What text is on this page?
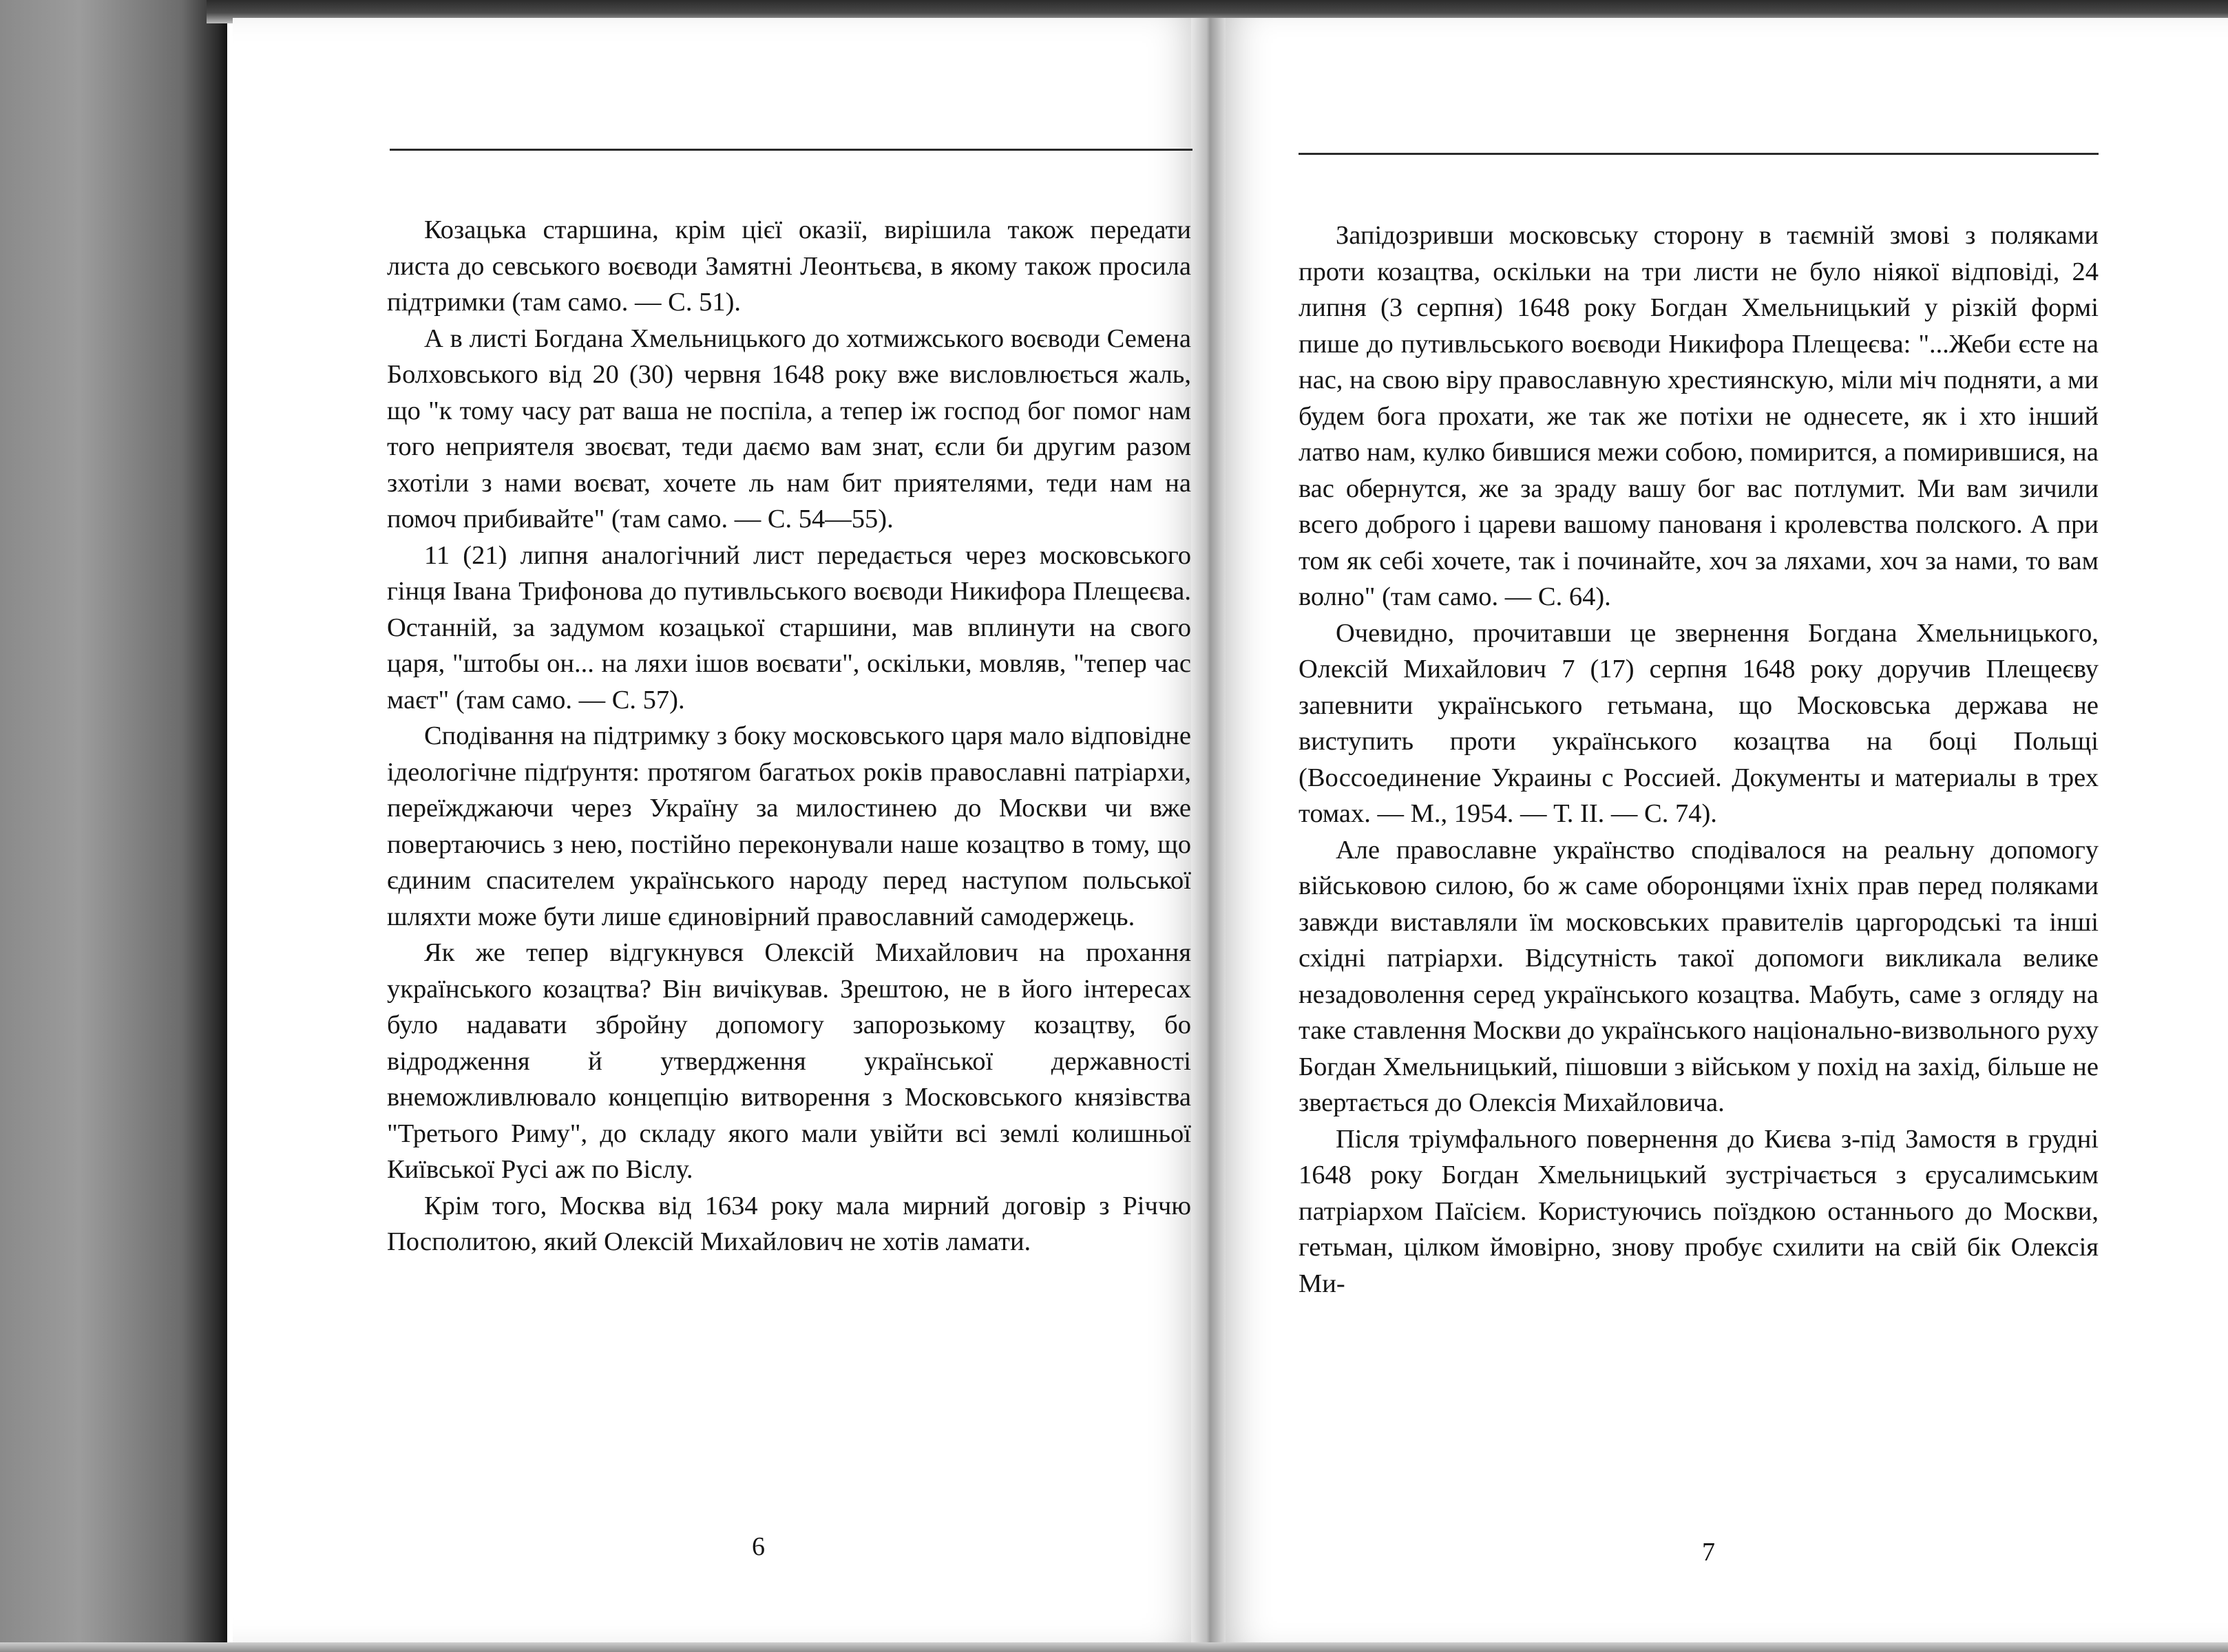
Козацька старшина, крім цієї оказії, вирішила також передати листа до севського воєводи Замятні Леонтьєва, в якому також просила підтримки (там само. — С. 51).

А в листі Богдана Хмельницького до хотмижського воєводи Семена Болховського від 20 (30) червня 1648 року вже висловлюється жаль, що "к тому часу рат ваша не поспіла, а тепер іж господ бог помог нам того неприятеля звоєват, теди даємо вам знат, єсли би другим разом зхотіли з нами воєват, хочете ль нам бит приятелями, теди нам на помоч прибивайте" (там само. — С. 54—55).

11 (21) липня аналогічний лист передається через московського гінця Івана Трифонова до путивльського воєводи Никифора Плещеєва. Останній, за задумом козацької старшини, мав вплинути на свого царя, "штобы он... на ляхи ішов воєвати", оскільки, мовляв, "тепер час маєт" (там само. — С. 57).

Сподівання на підтримку з боку московського царя мало відповідне ідеологічне підґрунтя: протягом багатьох років православні патріархи, переїжджаючи через Україну за милостинею до Москви чи вже повертаючись з нею, постійно переконували наше козацтво в тому, що єдиним спасителем українського народу перед наступом польської шляхти може бути лише єдиновірний православний самодержець.

Як же тепер відгукнувся Олексій Михайлович на прохання українського козацтва? Він вичікував. Зрештою, не в його інтересах було надавати збройну допомогу запорозькому козацтву, бо відродження й утвердження української державності внеможливлювало концепцію витворення з Московського князівства "Третього Риму", до складу якого мали увійти всі землі колишньої Київської Русі аж по Віслу.

Крім того, Москва від 1634 року мала мирний договір з Річчю Посполитою, який Олексій Михайлович не хотів ламати.

Запідозривши московську сторону в таємній змові з поляками проти козацтва, оскільки на три листи не було ніякої відповіді, 24 липня (3 серпня) 1648 року Богдан Хмельницький у різкій формі пише до путивльського воєводи Никифора Плещеєва: "...Жеби єсте на нас, на свою віру православную хрестиянскую, міли міч подняти, а ми будем бога прохати, же так же потіхи не однесете, як і хто інший латво нам, кулко бившися межи собою, помирится, а помирившися, на вас обернутся, же за зраду вашу бог вас потлумит. Ми вам зичили всего доброго і цареви вашому панованя і кролевства полского. А при том як себі хочете, так і починайте, хоч за ляхами, хоч за нами, то вам волно" (там само. — С. 64).

Очевидно, прочитавши це звернення Богдана Хмельницького, Олексій Михайлович 7 (17) серпня 1648 року доручив Плещеєву запевнити українського гетьмана, що Московська держава не виступить проти українського козацтва на боці Польщі (Воссоединение Украины с Россией. Документы и материалы в трех томах. — М., 1954. — Т. II. — С. 74).

Але православне українство сподівалося на реальну допомогу військовою силою, бо ж саме оборонцями їхніх прав перед поляками завжди виставляли їм московських правителів царгородські та інші східні патріархи. Відсутність такої допомоги викликала велике незадоволення серед українського козацтва. Мабуть, саме з огляду на таке ставлення Москви до українського національно-визвольного руху Богдан Хмельницький, пішовши з військом у похід на захід, більше не звертається до Олексія Михайловича.

Після тріумфального повернення до Києва з-під Замостя в грудні 1648 року Богдан Хмельницький зустрічається з єрусалимським патріархом Паїсієм. Користуючись поїздкою останнього до Москви, гетьман, цілком ймовірно, знову пробує схилити на свій бік Олексія Ми-

6	7
